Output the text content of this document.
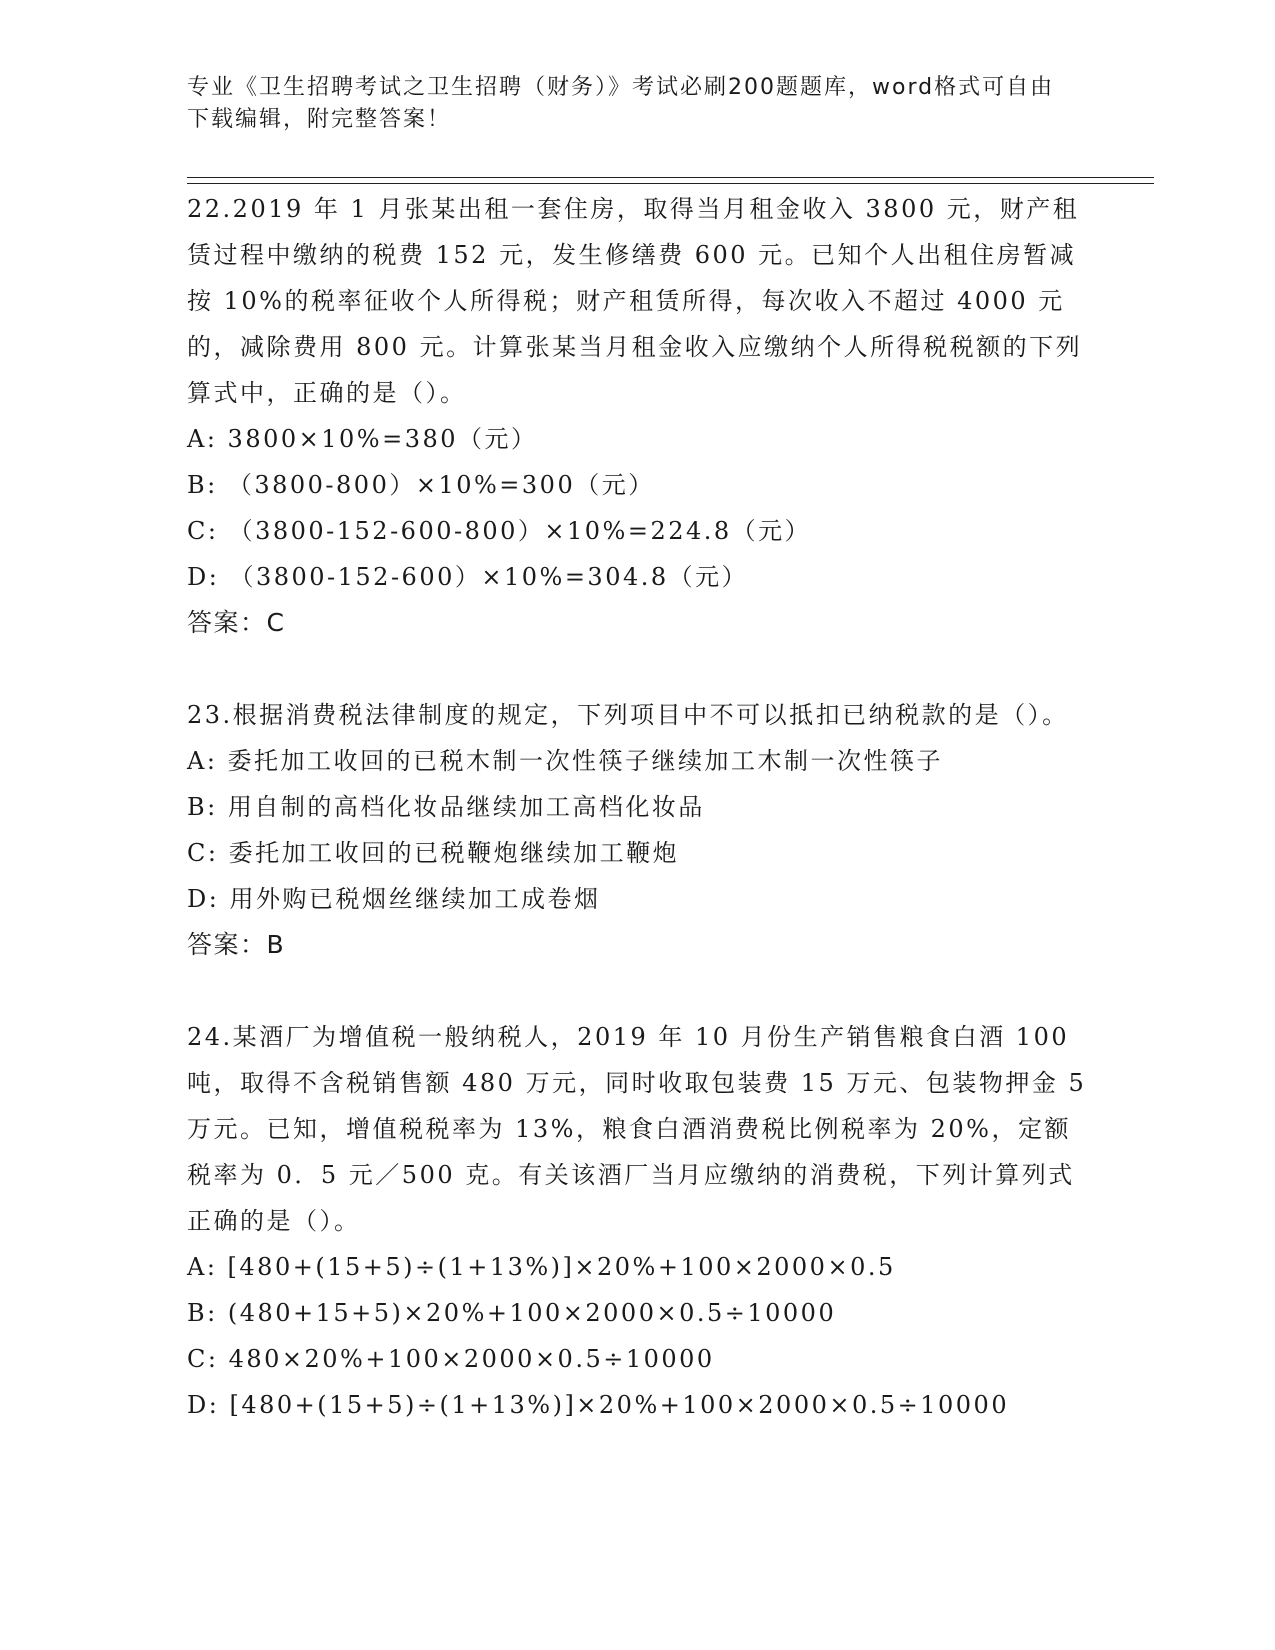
专业《卫生招聘考试之卫生招聘（财务）》考试必刷200题题库，word格式可自由下载编辑，附完整答案！

22.2019 年 1 月张某出租一套住房，取得当月租金收入 3800 元，财产租赁过程中缴纳的税费 152 元，发生修缮费 600 元。已知个人出租住房暂减按 10%的税率征收个人所得税；财产租赁所得，每次收入不超过 4000 元的，减除费用 800 元。计算张某当月租金收入应缴纳个人所得税税额的下列算式中，正确的是（）。

A: 3800×10%=380（元）

B: （3800-800）×10%=300（元）

C: （3800-152-600-800）×10%=224.8（元）

D: （3800-152-600）×10%=304.8（元）

答案：C

23.根据消费税法律制度的规定，下列项目中不可以抵扣已纳税款的是（）。

A: 委托加工收回的已税木制一次性筷子继续加工木制一次性筷子

B: 用自制的高档化妆品继续加工高档化妆品

C: 委托加工收回的已税鞭炮继续加工鞭炮

D: 用外购已税烟丝继续加工成卷烟

答案：B

24.某酒厂为增值税一般纳税人，2019 年 10 月份生产销售粮食白酒 100 吨，取得不含税销售额 480 万元，同时收取包装费 15 万元、包装物押金 5 万元。已知，增值税税率为 13%，粮食白酒消费税比例税率为 20%，定额税率为 0．5 元／500 克。有关该酒厂当月应缴纳的消费税，下列计算列式正确的是（）。

A: [480+(15+5)÷(1+13%)]×20%+100×2000×0.5

B: (480+15+5)×20%+100×2000×0.5÷10000

C: 480×20%+100×2000×0.5÷10000

D: [480+(15+5)÷(1+13%)]×20%+100×2000×0.5÷10000
